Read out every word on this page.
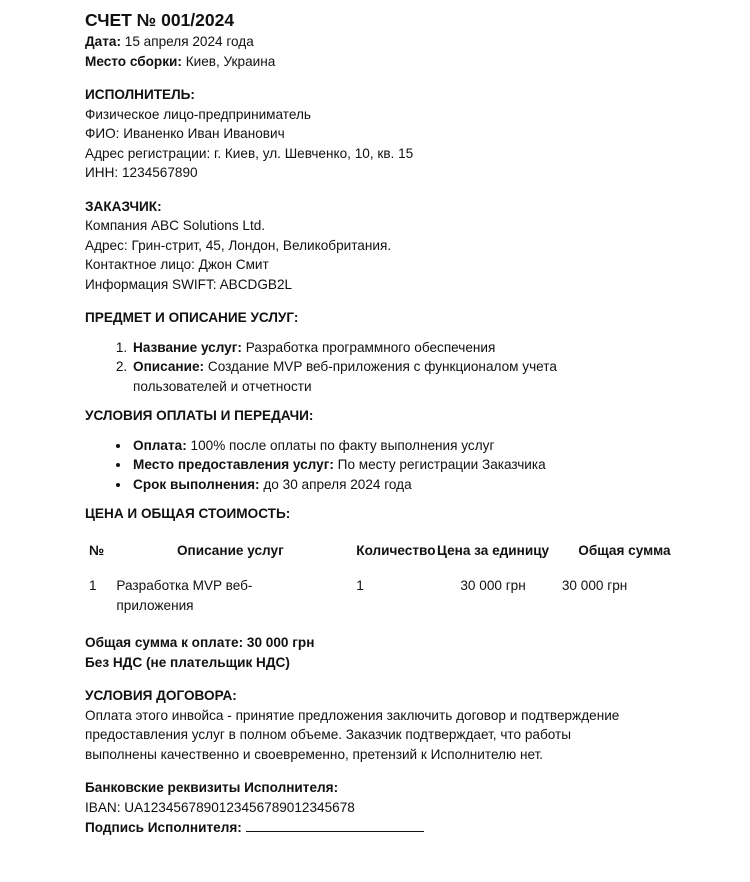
СЧЕТ № 001/2024

Дата: 15 апреля 2024 года

Место сборки: Киев, Украина

ИСПОЛНИТЕЛЬ:

Физическое лицо-предприниматель

ФИО: Иваненко Иван Иванович

Адрес регистрации: г. Киев, ул. Шевченко, 10, кв. 15

ИНН: 1234567890

ЗАКАЗЧИК:

Компания ABC Solutions Ltd.

Адрес: Грин-стрит, 45, Лондон, Великобритания.

Контактное лицо: Джон Смит

Информация SWIFT: ABCDGB2L

ПРЕДМЕТ И ОПИСАНИЕ УСЛУГ:

1. Название услуг: Разработка программного обеспечения
2. Описание: Создание MVP веб-приложения с функционалом учета пользователей и отчетности

УСЛОВИЯ ОПЛАТЫ И ПЕРЕДАЧИ:

• Оплата: 100% после оплаты по факту выполнения услуг
• Место предоставления услуг: По месту регистрации Заказчика
• Срок выполнения: до 30 апреля 2024 года

ЦЕНА И ОБЩАЯ СТОИМОСТЬ:

№	Описание услуг	Количество	Цена за единицу	Общая сумма

1	Разработка MVP веб-приложения	1	30 000 грн	30 000 грн

Общая сумма к оплате: 30 000 грн

Без НДС (не плательщик НДС)

УСЛОВИЯ ДОГОВОРА:

Оплата этого инвойса - принятие предложения заключить договор и подтверждение

предоставления услуг в полном объеме. Заказчик подтверждает, что работы

выполнены качественно и своевременно, претензий к Исполнителю нет.

Банковские реквизиты Исполнителя:

IBAN: UA1234567890123456789012345678

Подпись Исполнителя:
